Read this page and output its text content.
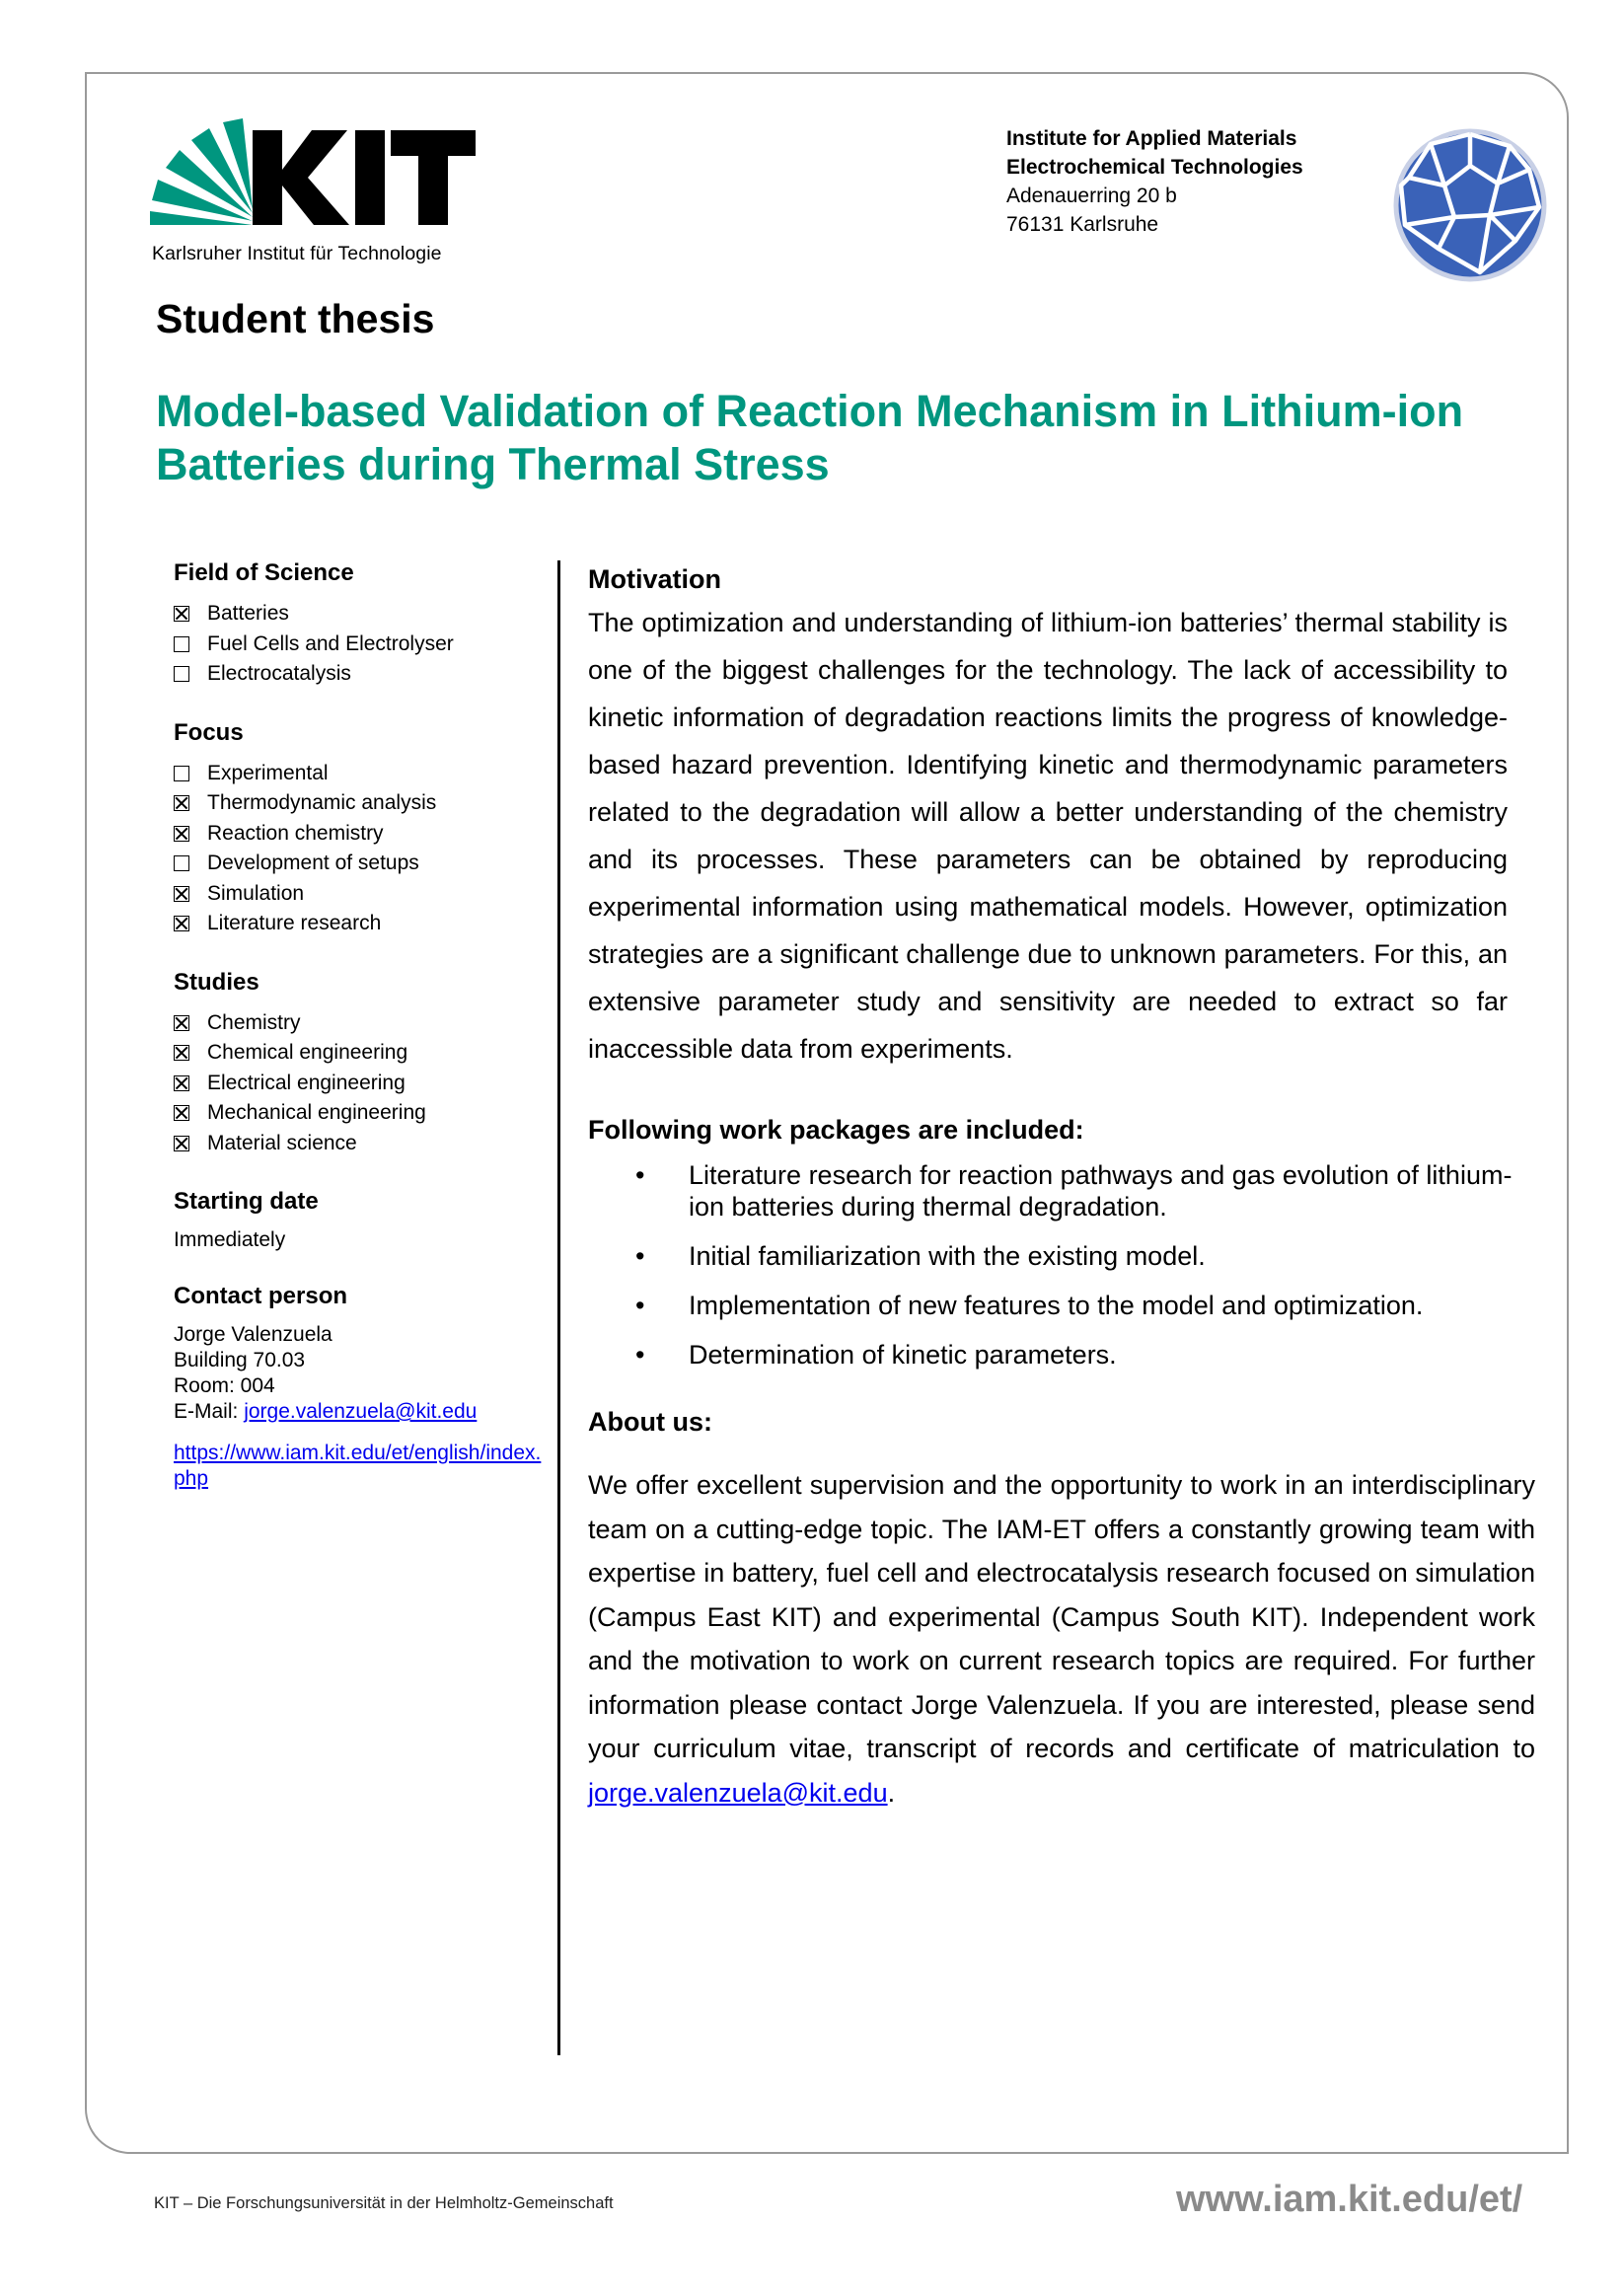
Karlsruher Institut für Technologie
Institute for Applied Materials
Electrochemical Technologies
Adenauerring 20 b
76131 Karlsruhe
Student thesis
Model-based Validation of Reaction Mechanism in Lithium-ion Batteries during Thermal Stress
Field of Science
Batteries
Fuel Cells and Electrolyser
Electrocatalysis
Focus
Experimental
Thermodynamic analysis
Reaction chemistry
Development of setups
Simulation
Literature research
Studies
Chemistry
Chemical engineering
Electrical engineering
Mechanical engineering
Material science
Starting date
Immediately
Contact person
Jorge Valenzuela
Building 70.03
Room: 004
E-Mail: jorge.valenzuela@kit.edu
https://www.iam.kit.edu/et/english/index.php
Motivation
The optimization and understanding of lithium-ion batteries’ thermal stability is one of the biggest challenges for the technology. The lack of accessibility to kinetic information of degradation reactions limits the progress of knowledge-based hazard prevention. Identifying kinetic and thermodynamic parameters related to the degradation will allow a better understanding of the chemistry and its processes. These parameters can be obtained by reproducing experimental information using mathematical models. However, optimization strategies are a significant challenge due to unknown parameters. For this, an extensive parameter study and sensitivity are needed to extract so far inaccessible data from experiments.
Following work packages are included:
• Literature research for reaction pathways and gas evolution of lithium-ion batteries during thermal degradation.
• Initial familiarization with the existing model.
• Implementation of new features to the model and optimization.
• Determination of kinetic parameters.
About us:
We offer excellent supervision and the opportunity to work in an interdisciplinary team on a cutting-edge topic. The IAM-ET offers a constantly growing team with expertise in battery, fuel cell and electrocatalysis research focused on simulation (Campus East KIT) and experimental (Campus South KIT). Independent work and the motivation to work on current research topics are required. For further information please contact Jorge Valenzuela. If you are interested, please send your curriculum vitae, transcript of records and certificate of matriculation to jorge.valenzuela@kit.edu.
KIT – Die Forschungsuniversität in der Helmholtz-Gemeinschaft	www.iam.kit.edu/et/
